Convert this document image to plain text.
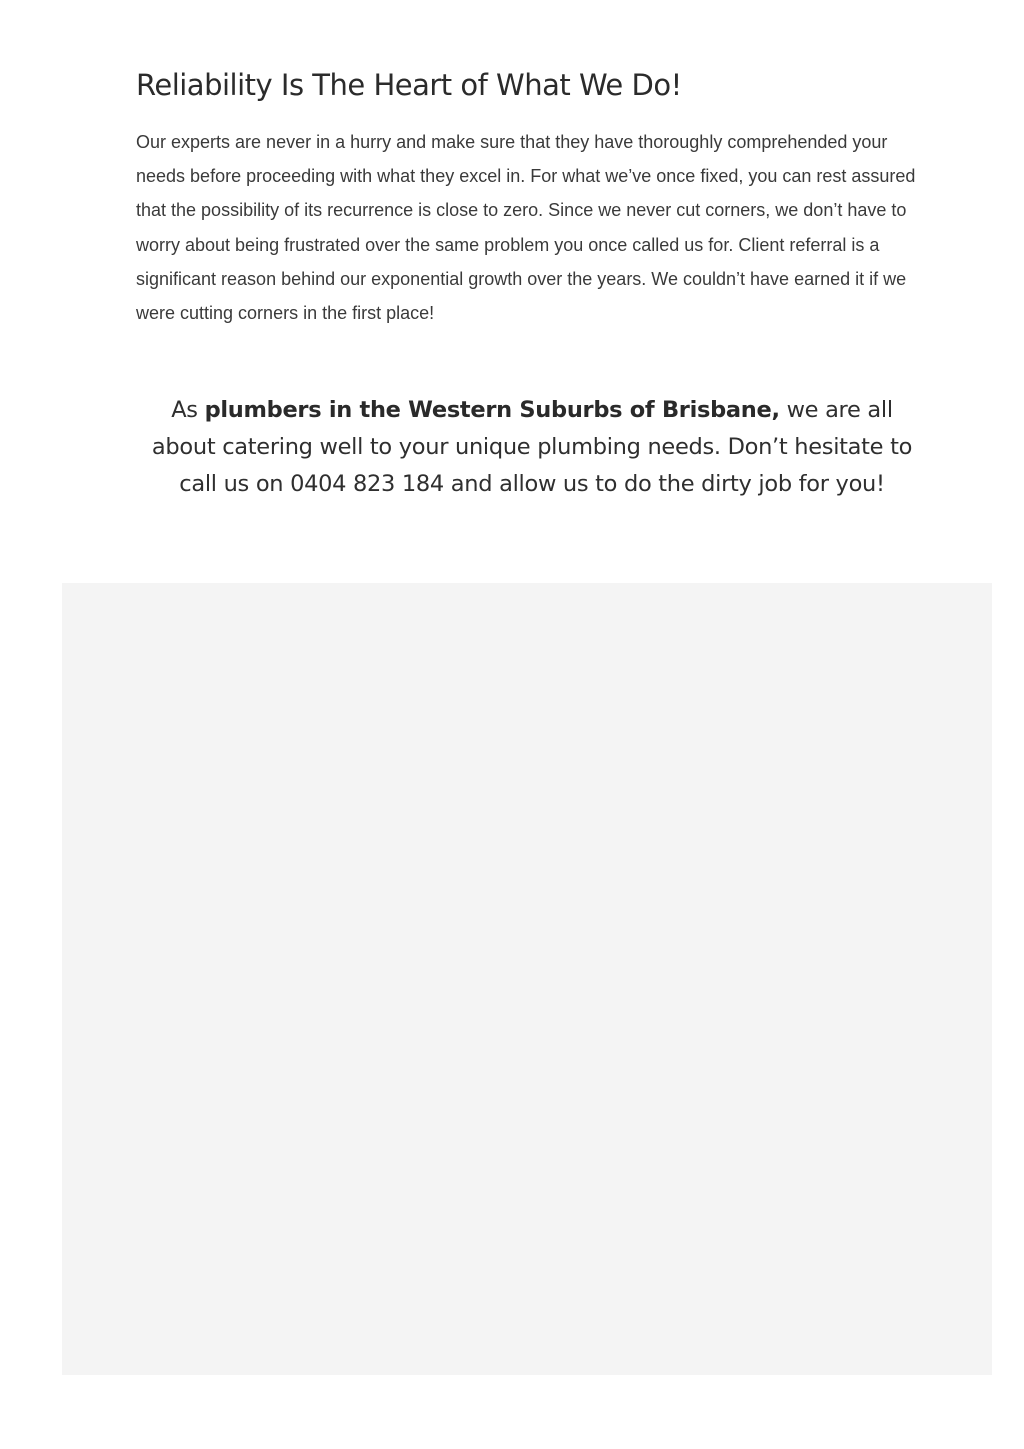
Reliability Is The Heart of What We Do!

Our experts are never in a hurry and make sure that they have thoroughly comprehended your needs before proceeding with what they excel in. For what we’ve once fixed, you can rest assured that the possibility of its recurrence is close to zero. Since we never cut corners, we don’t have to worry about being frustrated over the same problem you once called us for. Client referral is a significant reason behind our exponential growth over the years. We couldn’t have earned it if we were cutting corners in the first place!

As plumbers in the Western Suburbs of Brisbane, we are all about catering well to your unique plumbing needs. Don’t hesitate to call us on 0404 823 184 and allow us to do the dirty job for you!
